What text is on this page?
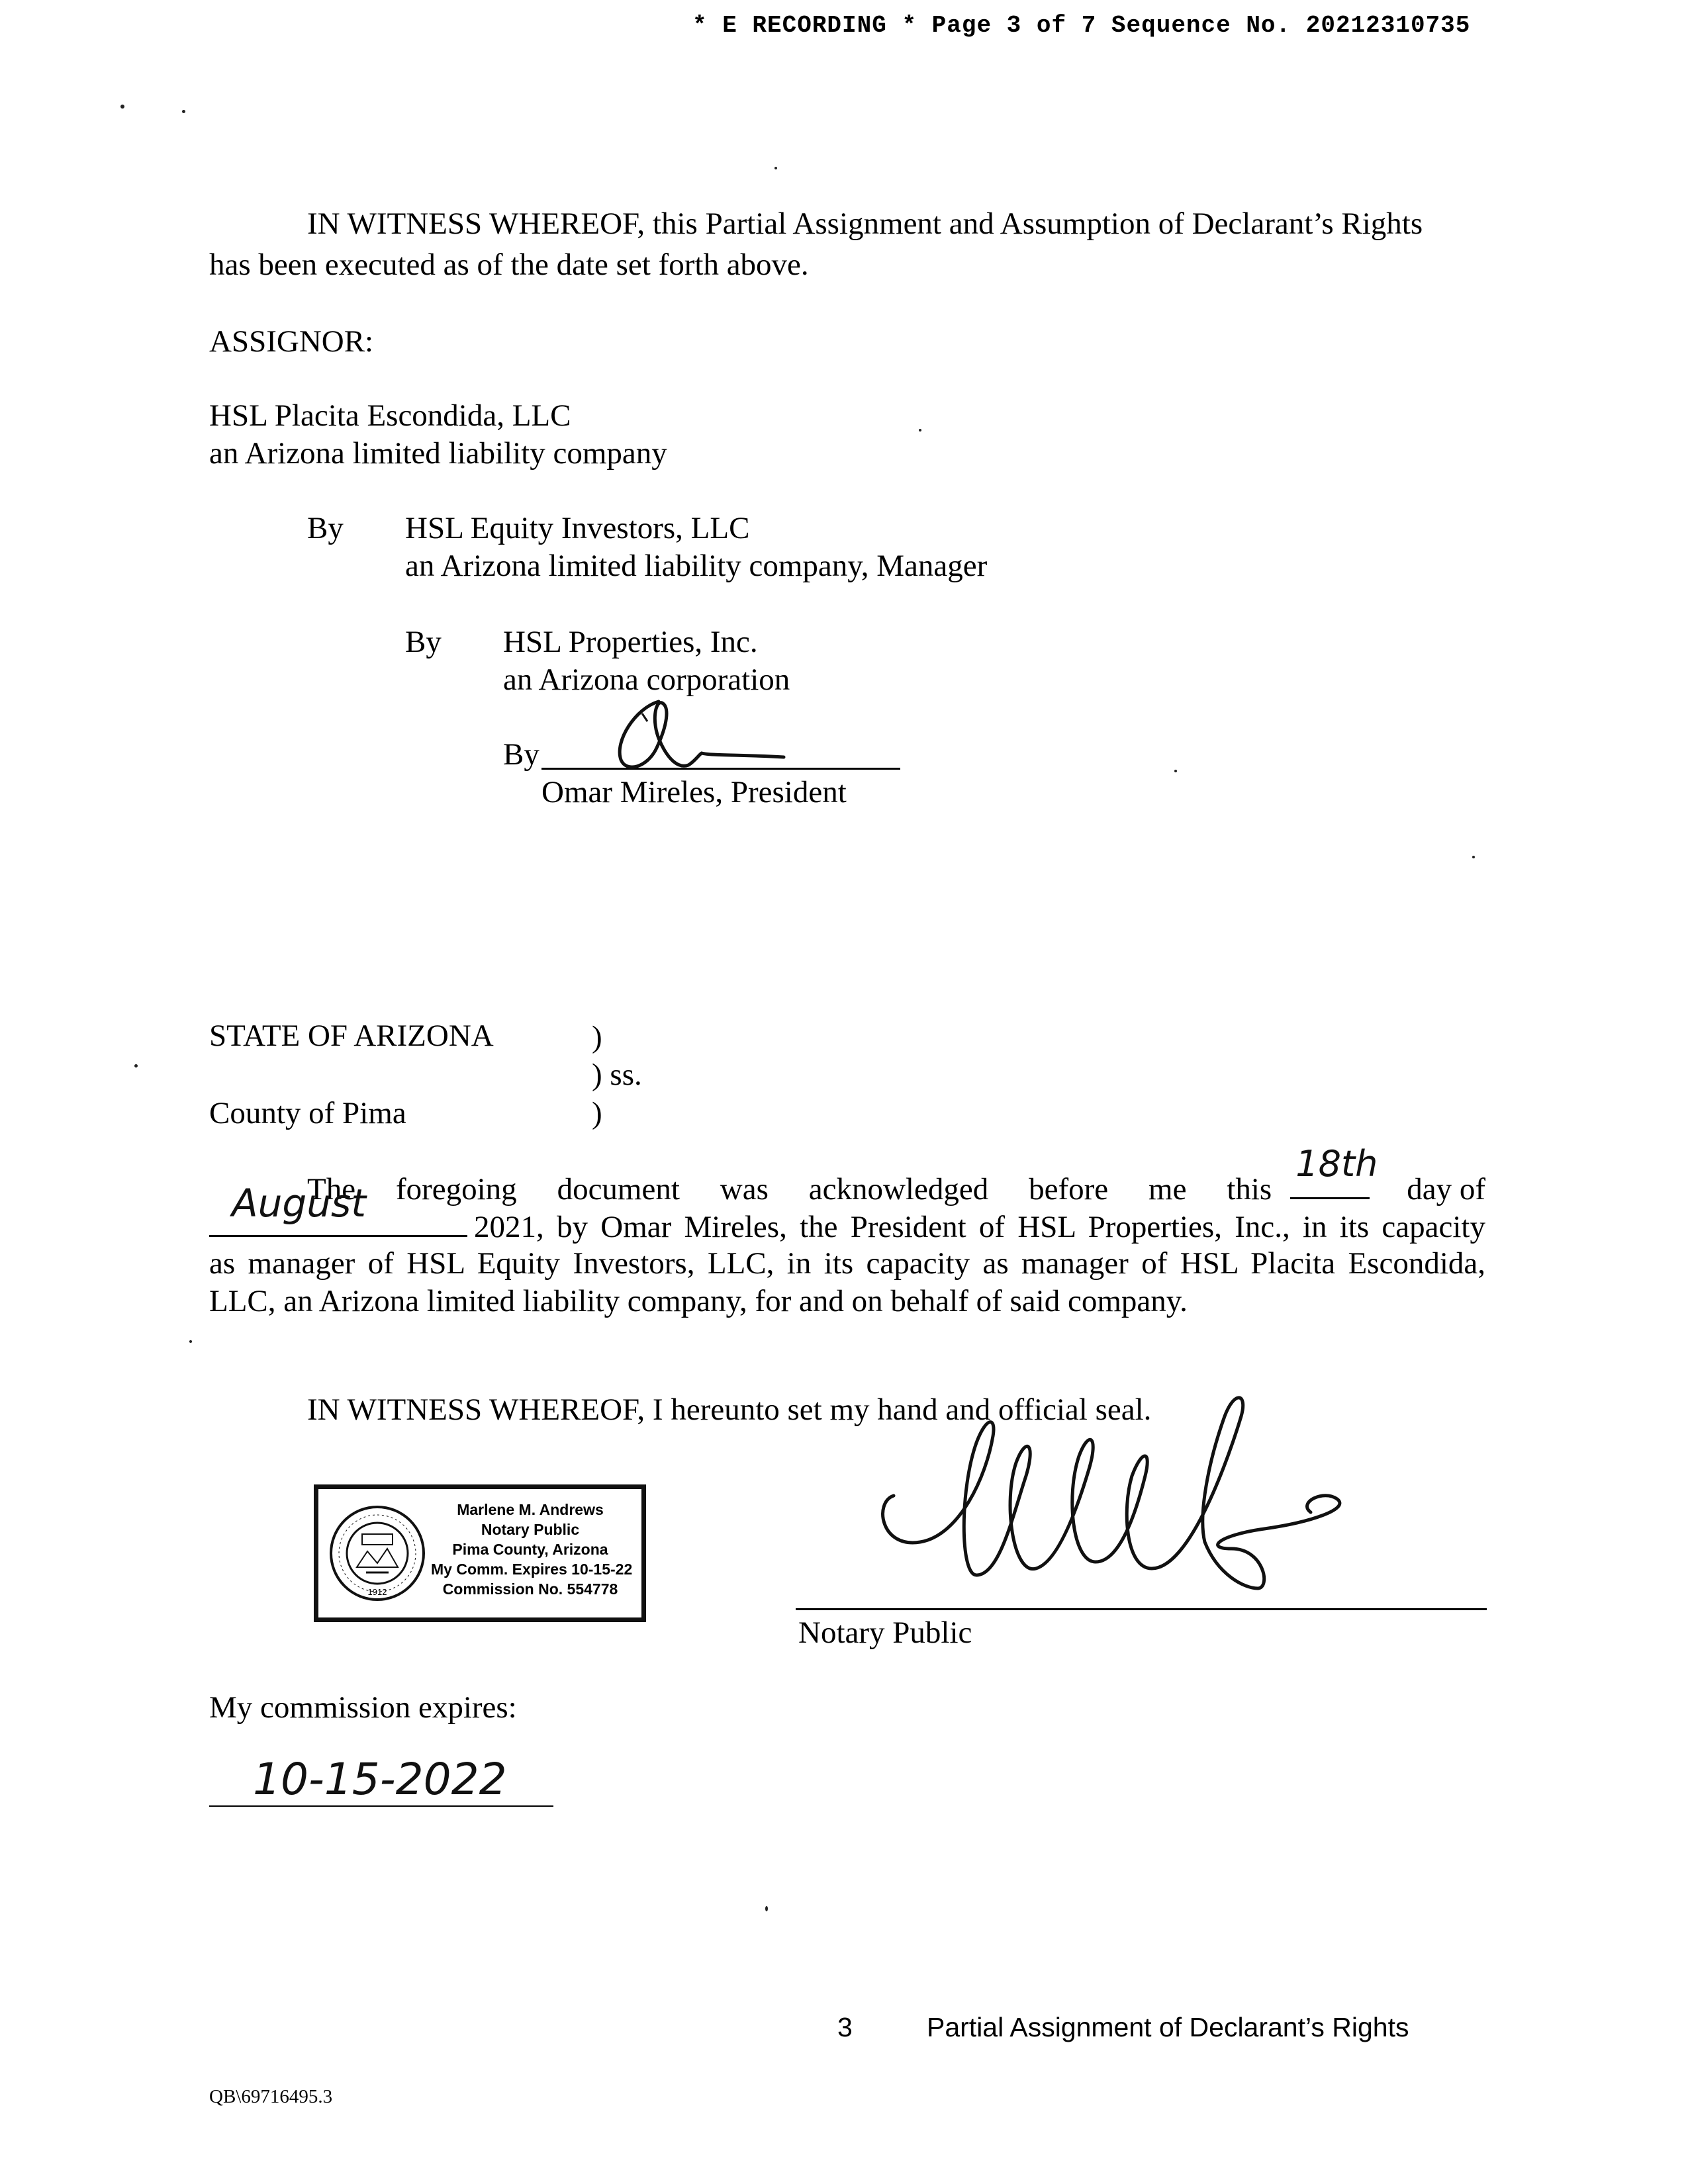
* E RECORDING * Page 3 of 7 Sequence No. 20212310735
IN WITNESS WHEREOF, this Partial Assignment and Assumption of Declarant’s Rights
has been executed as of the date set forth above.
ASSIGNOR:
HSL Placita Escondida, LLC
an Arizona limited liability company
By HSL Equity Investors, LLC
an Arizona limited liability company, Manager
By HSL Properties, Inc.
an Arizona corporation
By
Omar Mireles, President
STATE OF ARIZONA	)
) ss.
County of Pima	)
The foregoing document was acknowledged before me this
18th
day of
August
2021, by Omar Mireles, the President of HSL Properties, Inc., in its capacity
as manager of HSL Equity Investors, LLC, in its capacity as manager of HSL Placita Escondida,
LLC, an Arizona limited liability company, for and on behalf of said company.
IN WITNESS WHEREOF, I hereunto set my hand and official seal.
1912
Marlene M. Andrews
Notary Public
Pima County, Arizona
My Comm. Expires 10-15-22
Commission No. 554778
Notary Public
My commission expires:
10-15-2022
3	Partial Assignment of Declarant’s Rights
QB\69716495.3
